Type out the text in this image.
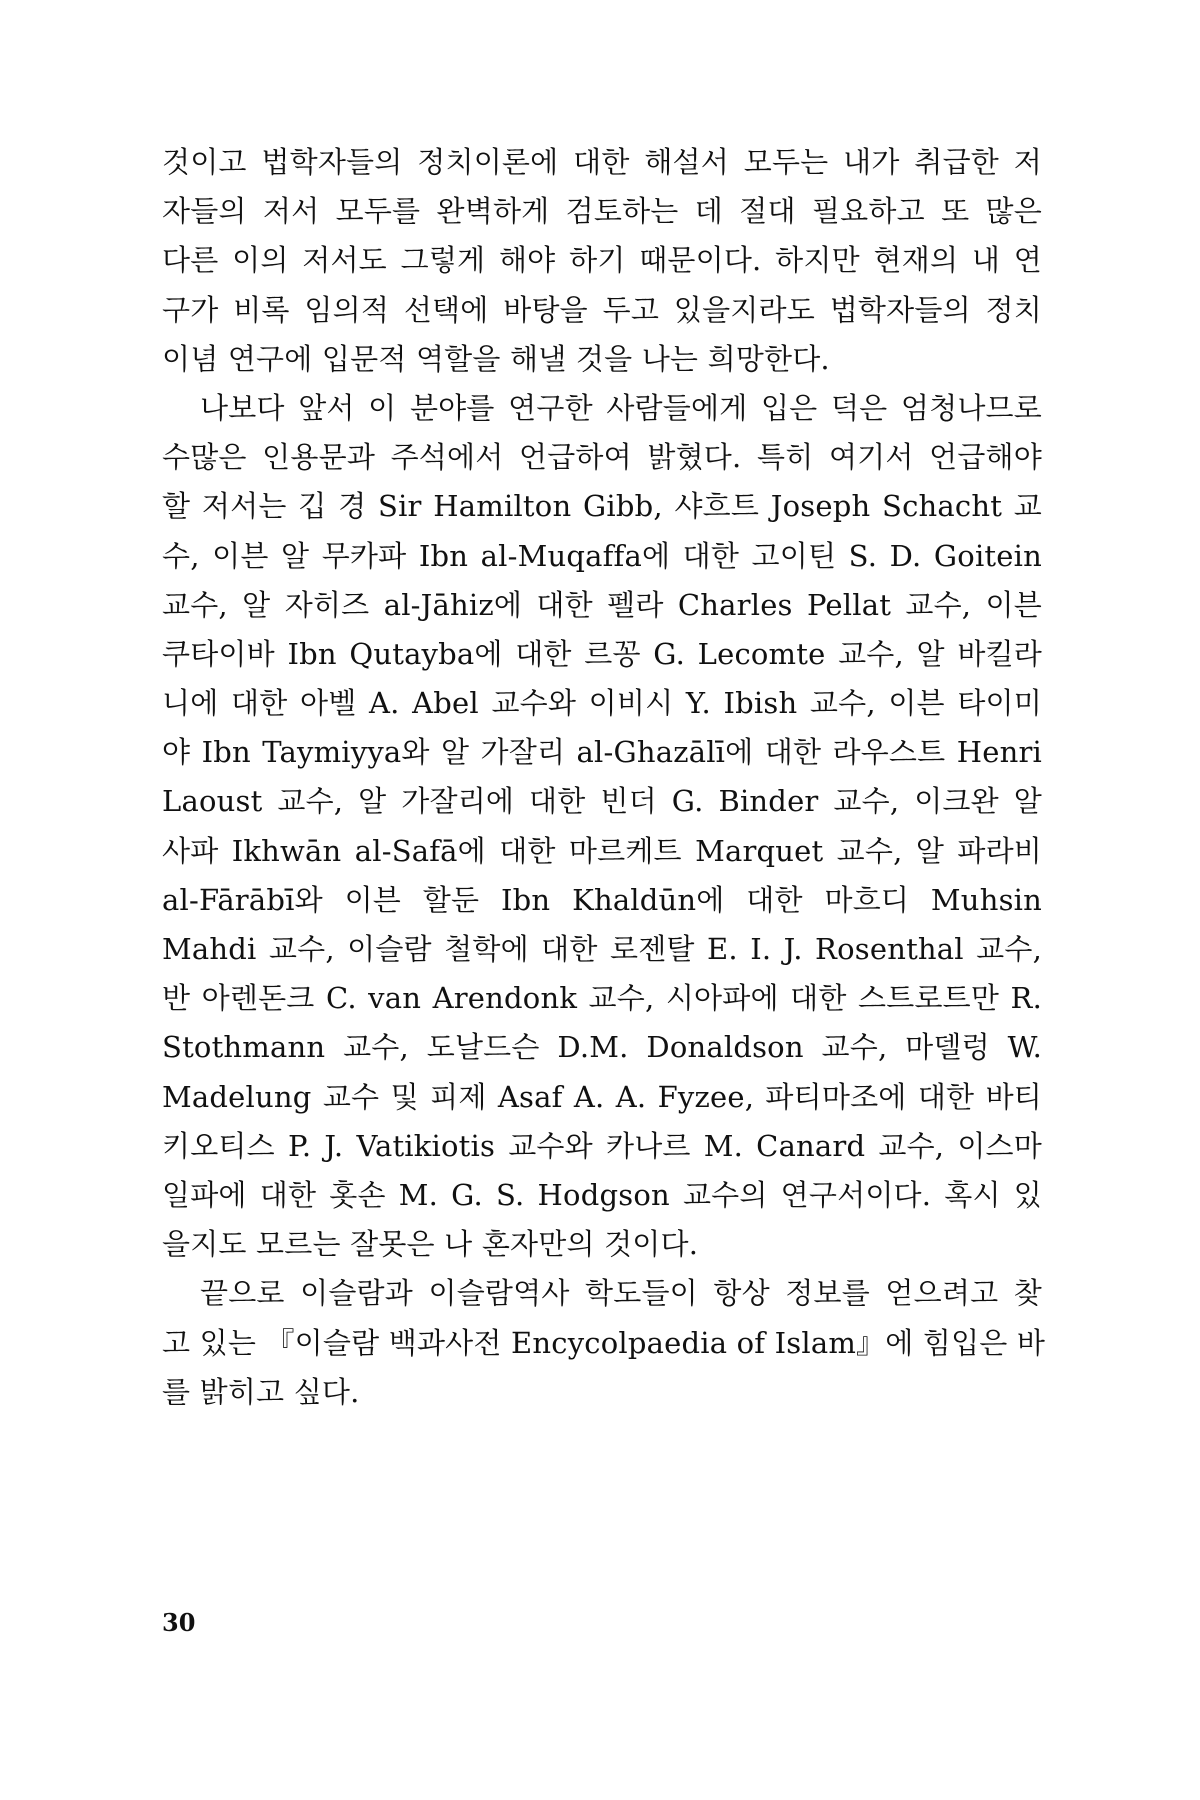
것이고 법학자들의 정치이론에 대한 해설서 모두는 내가 취급한 저
자들의 저서 모두를 완벽하게 검토하는 데 절대 필요하고 또 많은
다른 이의 저서도 그렇게 해야 하기 때문이다. 하지만 현재의 내 연
구가 비록 임의적 선택에 바탕을 두고 있을지라도 법학자들의 정치
이념 연구에 입문적 역할을 해낼 것을 나는 희망한다.
나보다 앞서 이 분야를 연구한 사람들에게 입은 덕은 엄청나므로
수많은 인용문과 주석에서 언급하여 밝혔다. 특히 여기서 언급해야
할 저서는 깁 경 Sir Hamilton Gibb, 샤흐트 Joseph Schacht 교
수, 이븐 알 무카파 Ibn al-Muqaffa에 대한 고이틴 S. D. Goitein
교수, 알 자히즈 al-Jāhiz에 대한 펠라 Charles Pellat 교수, 이븐
쿠타이바 Ibn Qutayba에 대한 르꽁 G. Lecomte 교수, 알 바킬라
니에 대한 아벨 A. Abel 교수와 이비시 Y. Ibish 교수, 이븐 타이미
야 Ibn Taymiyya와 알 가잘리 al-Ghazālī에 대한 라우스트 Henri
Laoust 교수, 알 가잘리에 대한 빈더 G. Binder 교수, 이크완 알
사파 Ikhwān al-Safā에 대한 마르케트 Marquet 교수, 알 파라비
al-Fārābī와 이븐 할둔 Ibn Khaldūn에 대한 마흐디 Muhsin
Mahdi 교수, 이슬람 철학에 대한 로젠탈 E. I. J. Rosenthal 교수,
반 아렌돈크 C. van Arendonk 교수, 시아파에 대한 스트로트만 R.
Stothmann 교수, 도날드슨 D.M. Donaldson 교수, 마델렁 W.
Madelung 교수 및 피제 Asaf A. A. Fyzee, 파티마조에 대한 바티
키오티스 P. J. Vatikiotis 교수와 카나르 M. Canard 교수, 이스마
일파에 대한 홋손 M. G. S. Hodgson 교수의 연구서이다. 혹시 있
을지도 모르는 잘못은 나 혼자만의 것이다.
끝으로 이슬람과 이슬람역사 학도들이 항상 정보를 얻으려고 찾
고 있는 『이슬람 백과사전 Encycolpaedia of Islam』에 힘입은 바
를 밝히고 싶다.
30
